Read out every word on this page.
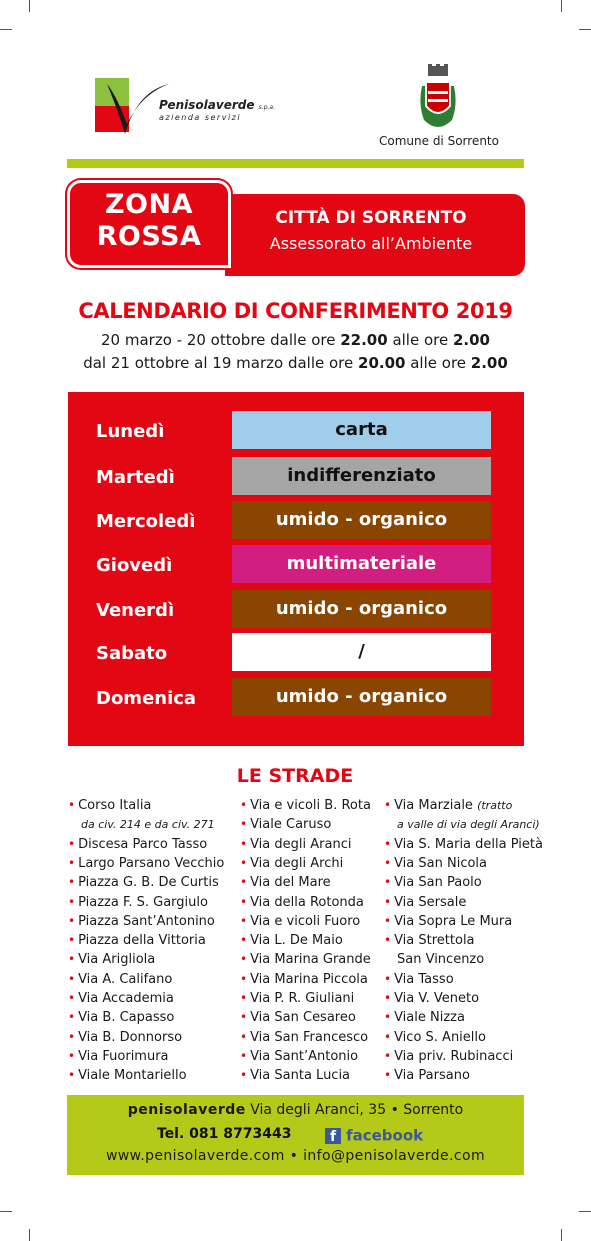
Penisolaverde s.p.a.
azienda servizi
Comune di Sorrento
CITTÀ DI SORRENTO
Assessorato all’Ambiente
ZONA
ROSSA
CALENDARIO DI CONFERIMENTO 2019
20 marzo - 20 ottobre dalle ore 22.00 alle ore 2.00
dal 21 ottobre al 19 marzo dalle ore 20.00 alle ore 2.00
Lunedì	carta
Martedì	indifferenziato
Mercoledì	umido - organico
Giovedì	multimateriale
Venerdì	umido - organico
Sabato	/
Domenica	umido - organico
LE STRADE
• Corso Italia
da civ. 214 e da civ. 271
• Discesa Parco Tasso
• Largo Parsano Vecchio
• Piazza G. B. De Curtis
• Piazza F. S. Gargiulo
• Piazza Sant’Antonino
• Piazza della Vittoria
• Via Arigliola
• Via A. Califano
• Via Accademia
• Via B. Capasso
• Via B. Donnorso
• Via Fuorimura
• Viale Montariello
• Via e vicoli B. Rota
• Viale Caruso
• Via degli Aranci
• Via degli Archi
• Via del Mare
• Via della Rotonda
• Via e vicoli Fuoro
• Via L. De Maio
• Via Marina Grande
• Via Marina Piccola
• Via P. R. Giuliani
• Via San Cesareo
• Via San Francesco
• Via Sant’Antonio
• Via Santa Lucia
• Via Marziale (tratto
a valle di via degli Aranci)
• Via S. Maria della Pietà
• Via San Nicola
• Via San Paolo
• Via Sersale
• Via Sopra Le Mura
• Via Strettola
San Vincenzo
• Via Tasso
• Via V. Veneto
• Viale Nizza
• Vico S. Aniello
• Via priv. Rubinacci
• Via Parsano
penisolaverde Via degli Aranci, 35 • Sorrento
Tel. 081 8773443	f facebook
www.penisolaverde.com • info@penisolaverde.com
